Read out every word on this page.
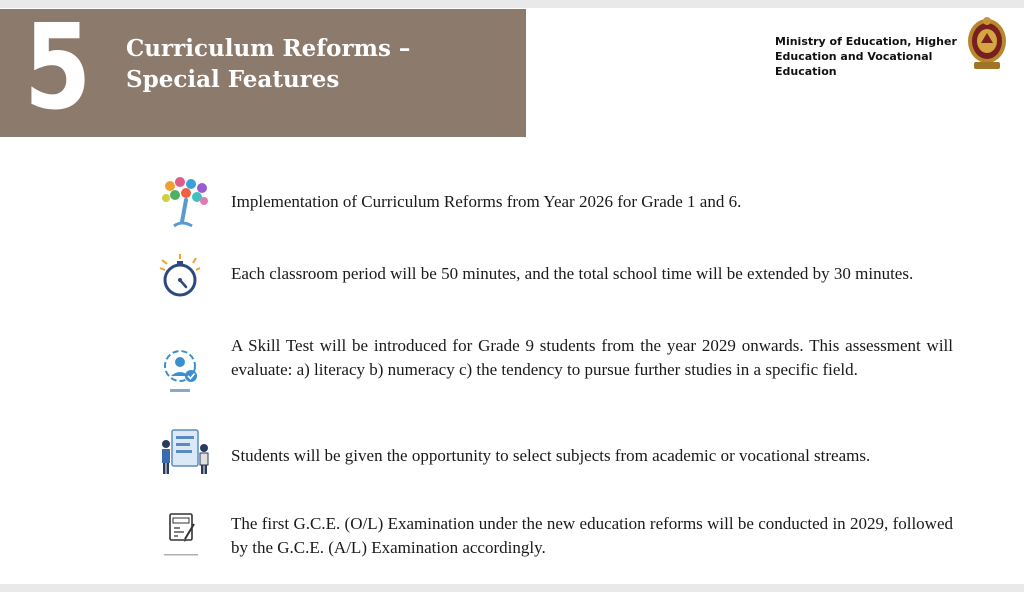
5 Curriculum Reforms –
Special Features
Ministry of Education, Higher
Education and Vocational
Education
Implementation of Curriculum Reforms from Year 2026 for Grade 1 and 6.
Each classroom period will be 50 minutes, and the total school time will be extended by 30 minutes.
A Skill Test will be introduced for Grade 9 students from the year 2029 onwards. This assessment will evaluate: a) literacy b) numeracy c) the tendency to pursue further studies in a specific field.
Students will be given the opportunity to select subjects from academic or vocational streams.
The first G.C.E. (O/L) Examination under the new education reforms will be conducted in 2029, followed by the G.C.E. (A/L) Examination accordingly.
